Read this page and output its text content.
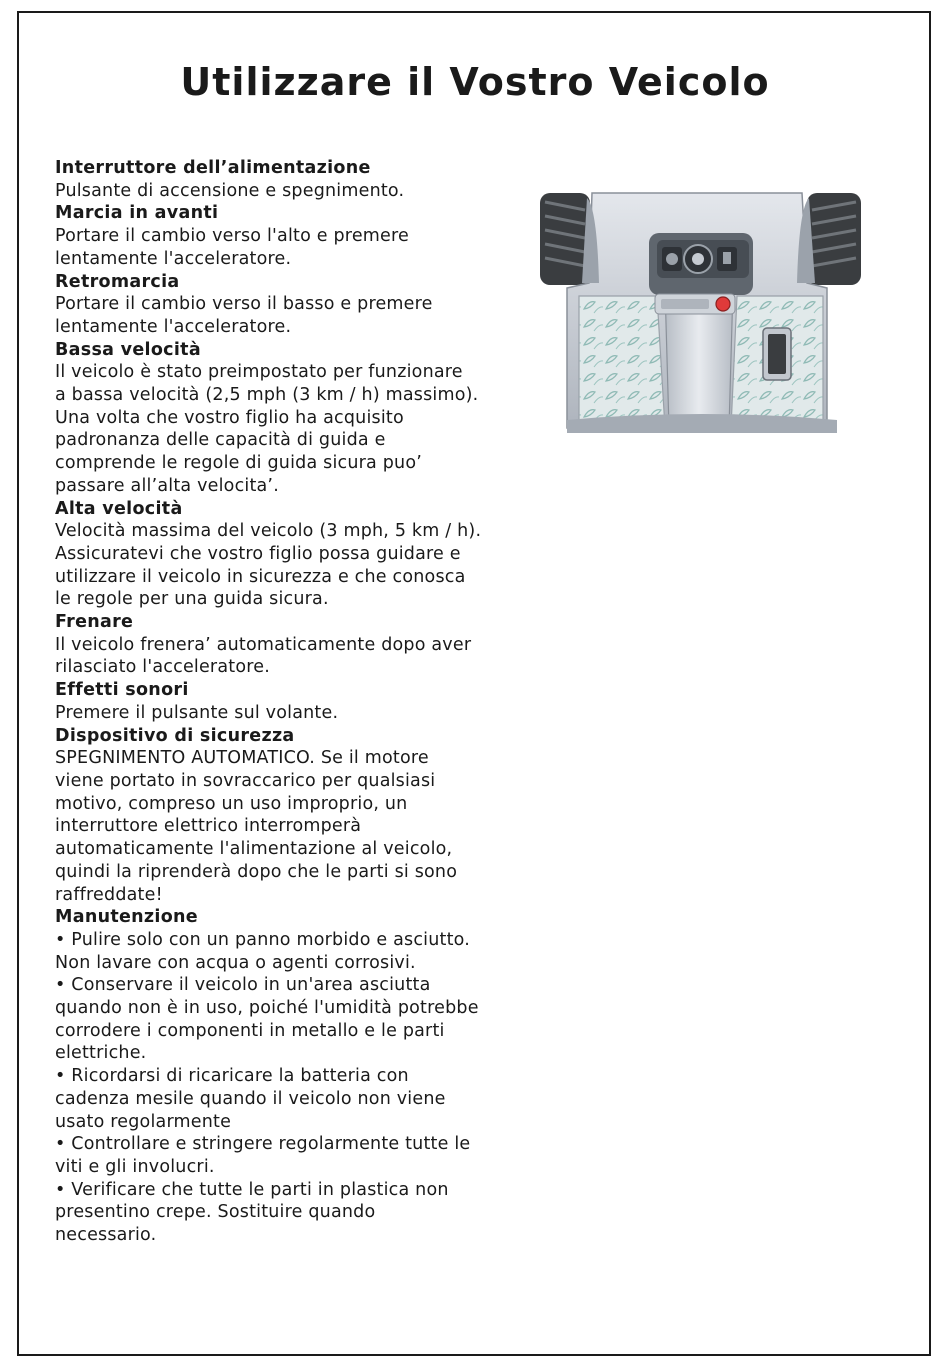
Utilizzare il Vostro Veicolo
Interruttore dell’alimentazione

Pulsante di accensione e spegnimento.

Marcia in avanti

Portare il cambio verso l'alto e premere
lentamente l'acceleratore.

Retromarcia

Portare il cambio verso il basso e premere
lentamente l'acceleratore.

Bassa velocità

Il veicolo è stato preimpostato per funzionare
a bassa velocità (2,5 mph (3 km / h) massimo).
Una volta che vostro figlio ha acquisito
padronanza delle capacità di guida e
comprende le regole di guida sicura puo’
passare all’alta velocita’.

Alta velocità

Velocità massima del veicolo (3 mph, 5 km / h).
Assicuratevi che vostro figlio possa guidare e
utilizzare il veicolo in sicurezza e che conosca
le regole per una guida sicura.

Frenare

Il veicolo frenera’ automaticamente dopo aver
rilasciato l'acceleratore.

Effetti sonori

Premere il pulsante sul volante.

Dispositivo di sicurezza

SPEGNIMENTO AUTOMATICO. Se il motore
viene portato in sovraccarico per qualsiasi
motivo, compreso un uso improprio, un
interruttore elettrico interromperà
automaticamente l'alimentazione al veicolo,
quindi la riprenderà dopo che le parti si sono
raffreddate!

Manutenzione
• Pulire solo con un panno morbido e asciutto.
Non lavare con acqua o agenti corrosivi.
• Conservare il veicolo in un'area asciutta
quando non è in uso, poiché l'umidità potrebbe
corrodere i componenti in metallo e le parti
elettriche.
• Ricordarsi di ricaricare la batteria con
cadenza mesile quando il veicolo non viene
usato regolarmente
• Controllare e stringere regolarmente tutte le
viti e gli involucri.
• Verificare che tutte le parti in plastica non
presentino crepe. Sostituire quando
necessario.
